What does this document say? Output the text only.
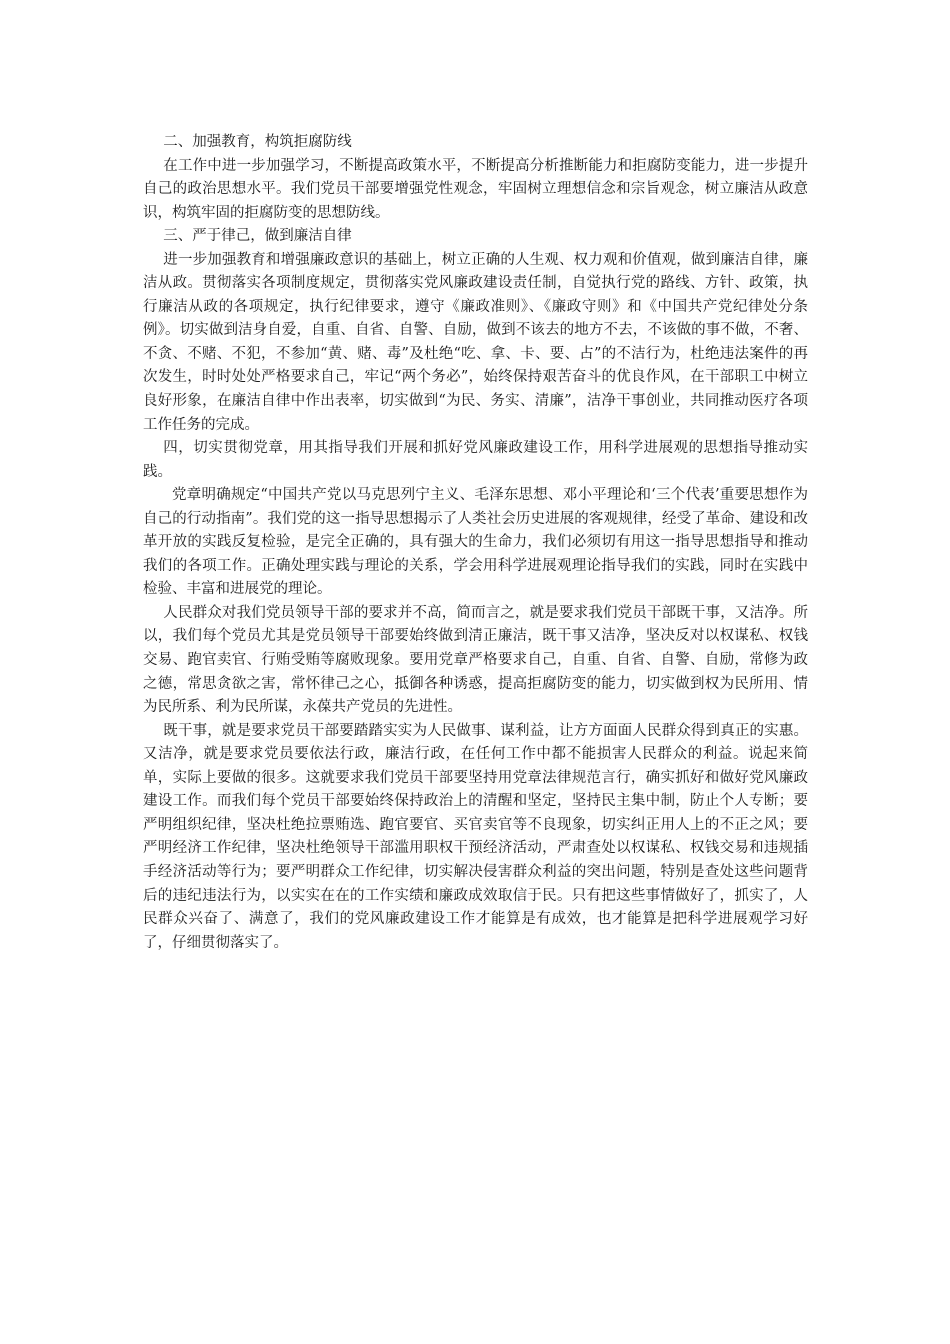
二、加强教育，构筑拒腐防线

在工作中进一步加强学习，不断提高政策水平，不断提高分析推断能力和拒腐防变能力，进一步提升自己的政治思想水平。我们党员干部要增强党性观念，牢固树立理想信念和宗旨观念，树立廉洁从政意识，构筑牢固的拒腐防变的思想防线。

三、严于律己，做到廉洁自律

进一步加强教育和增强廉政意识的基础上，树立正确的人生观、权力观和价值观，做到廉洁自律，廉洁从政。贯彻落实各项制度规定，贯彻落实党风廉政建设责任制，自觉执行党的路线、方针、政策，执行廉洁从政的各项规定，执行纪律要求，遵守《廉政准则》、《廉政守则》和《中国共产党纪律处分条例》。切实做到洁身自爱，自重、自省、自警、自励，做到不该去的地方不去，不该做的事不做，不奢、不贪、不赌、不犯，不参加“黄、赌、毒”及杜绝“吃、拿、卡、要、占”的不洁行为，杜绝违法案件的再次发生，时时处处严格要求自己，牢记“两个务必”，始终保持艰苦奋斗的优良作风，在干部职工中树立良好形象，在廉洁自律中作出表率，切实做到“为民、务实、清廉”，洁净干事创业，共同推动医疗各项工作任务的完成。

四，切实贯彻党章，用其指导我们开展和抓好党风廉政建设工作，用科学进展观的思想指导推动实践。

党章明确规定“中国共产党以马克思列宁主义、毛泽东思想、邓小平理论和‘三个代表’重要思想作为自己的行动指南”。我们党的这一指导思想揭示了人类社会历史进展的客观规律，经受了革命、建设和改革开放的实践反复检验，是完全正确的，具有强大的生命力，我们必须切有用这一指导思想指导和推动我们的各项工作。正确处理实践与理论的关系，学会用科学进展观理论指导我们的实践，同时在实践中检验、丰富和进展党的理论。

人民群众对我们党员领导干部的要求并不高，简而言之，就是要求我们党员干部既干事，又洁净。所以，我们每个党员尤其是党员领导干部要始终做到清正廉洁，既干事又洁净，坚决反对以权谋私、权钱交易、跑官卖官、行贿受贿等腐败现象。要用党章严格要求自己，自重、自省、自警、自励，常修为政之德，常思贪欲之害，常怀律己之心，抵御各种诱惑，提高拒腐防变的能力，切实做到权为民所用、情为民所系、利为民所谋，永葆共产党员的先进性。

既干事，就是要求党员干部要踏踏实实为人民做事、谋利益，让方方面面人民群众得到真正的实惠。又洁净，就是要求党员要依法行政，廉洁行政，在任何工作中都不能损害人民群众的利益。说起来简单，实际上要做的很多。这就要求我们党员干部要坚持用党章法律规范言行，确实抓好和做好党风廉政建设工作。而我们每个党员干部要始终保持政治上的清醒和坚定，坚持民主集中制，防止个人专断；要严明组织纪律，坚决杜绝拉票贿选、跑官要官、买官卖官等不良现象，切实纠正用人上的不正之风；要严明经济工作纪律，坚决杜绝领导干部滥用职权干预经济活动，严肃查处以权谋私、权钱交易和违规插手经济活动等行为；要严明群众工作纪律，切实解决侵害群众利益的突出问题，特别是查处这些问题背后的违纪违法行为，以实实在在的工作实绩和廉政成效取信于民。只有把这些事情做好了，抓实了，人民群众兴奋了、满意了，我们的党风廉政建设工作才能算是有成效，也才能算是把科学进展观学习好了，仔细贯彻落实了。
